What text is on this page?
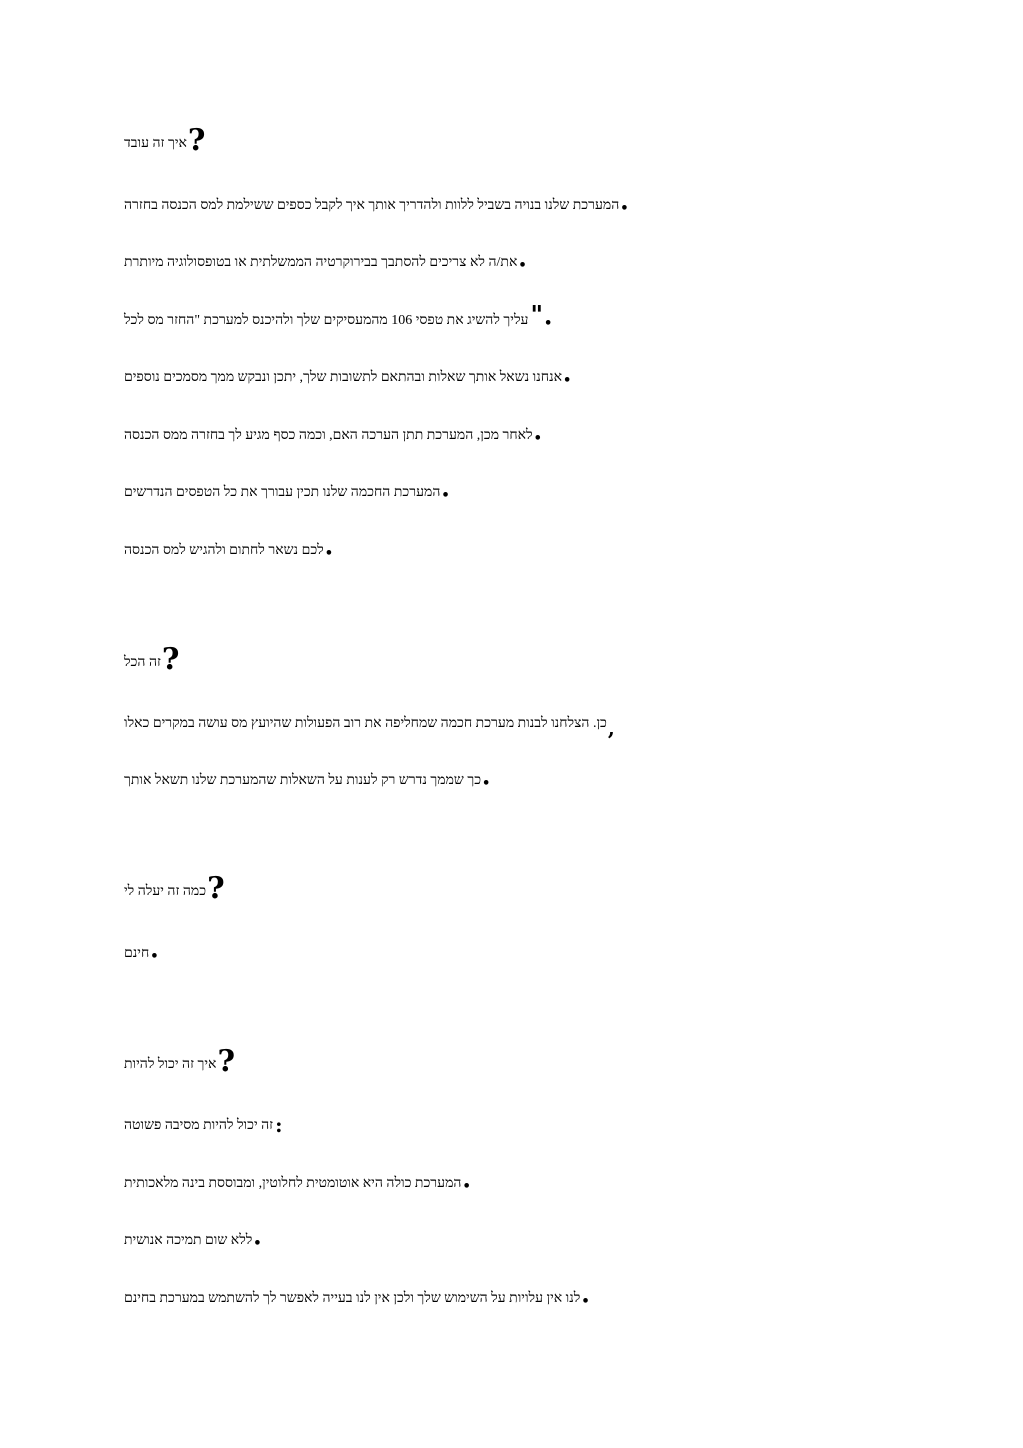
איך זה עובד ?
המערכת שלנו בנויה בשביל ללוות ולהדריך אותך איך לקבל כספים ששילמת למס הכנסה בחזרה •
את/ה לא צריכים להסתבך בבירוקרטיה הממשלתית או בטופסולוגיה מיותרת •
עליך להשיג את טפסי 106 מהמעסיקים שלך ולהיכנס למערכת "החזר מס לכל " •
אנחנו נשאל אותך שאלות ובהתאם לתשובות שלך, יתכן ונבקש ממך מסמכים נוספים •
לאחר מכן, המערכת תתן הערכה האם, וכמה כסף מגיע לך בחזרה ממס הכנסה •
המערכת החכמה שלנו תכין עבורך את כל הטפסים הנדרשים •
לכם נשאר לחתום ולהגיש למס הכנסה •
זה הכל ?
כן. הצלחנו לבנות מערכת חכמה שמחליפה את רוב הפעולות שהיועץ מס עושה במקרים כאלו ,
כך שממך נדרש רק לענות על השאלות שהמערכת שלנו תשאל אותך •
כמה זה יעלה לי ?
חינם •
איך זה יכול להיות ?
זה יכול להיות מסיבה פשוטה :
המערכת כולה היא אוטומטית לחלוטין, ומבוססת בינה מלאכותית •
ללא שום תמיכה אנושית •
לנו אין עלויות על השימוש שלך ולכן אין לנו בעייה לאפשר לך להשתמש במערכת בחינם •
